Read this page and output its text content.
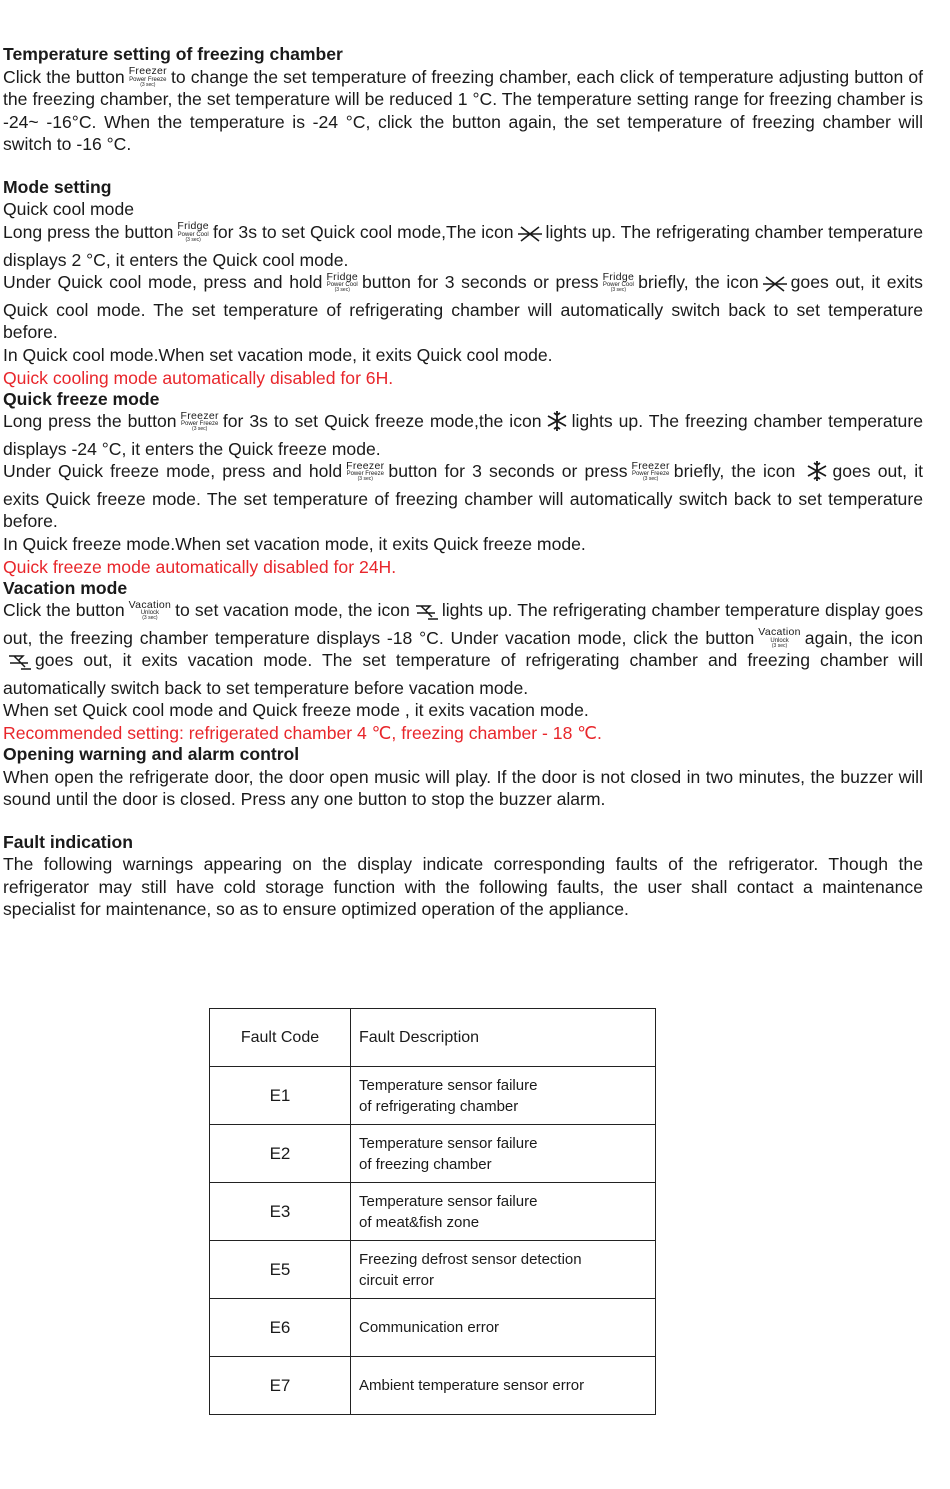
Temperature setting of freezing chamber

Click the button Freezer
Power Freeze
(3 sec) to change the set temperature of freezing chamber, each click of temperature adjusting button of the freezing chamber, the set temperature will be reduced 1 °C. The temperature setting range for freezing chamber is -24~ -16°C. When the temperature is -24 °C, click the button again, the set temperature of freezing chamber will switch to -16 °C.

Mode setting

Quick cool mode

Long press the button Fridge
Power Cool
(3 sec) for 3s to set Quick cool mode,The icon lights up. The refrigerating chamber temperature displays 2 °C, it enters the Quick cool mode.

Under Quick cool mode, press and hold Fridge
Power Cool
(3 sec) button for 3 seconds or press Fridge
Power Cool
(3 sec) briefly, the icon goes out, it exits Quick cool mode. The set temperature of refrigerating chamber will automatically switch back to set temperature before.

In Quick cool mode.When set vacation mode, it exits Quick cool mode.

Quick cooling mode automatically disabled for 6H.

Quick freeze mode

Long press the button Freezer
Power Freeze
(3 sec) for 3s to set Quick freeze mode,the icon lights up. The freezing chamber temperature displays -24 °C, it enters the Quick freeze mode.

Under Quick freeze mode, press and hold Freezer
Power Freeze
(3 sec) button for 3 seconds or press Freezer
Power Freeze
(3 sec) briefly, the icon goes out, it exits Quick freeze mode. The set temperature of freezing chamber will automatically switch back to set temperature before.

In Quick freeze mode.When set vacation mode, it exits Quick freeze mode.

Quick freeze mode automatically disabled for 24H.

Vacation mode

Click the button Vacation
Unlock
(3 sec)	to set vacation mode, the icon lights up. The refrigerating chamber temperature display goes out, the freezing chamber temperature displays -18 °C. Under vacation mode, click the button Vacation
Unlock
(3 sec)	again, the icongoes out, it exits vacation mode. The set temperature of refrigerating chamber and freezing chamber will automatically switch back to set temperature before vacation mode.

When set Quick cool mode and Quick freeze mode , it exits vacation mode.

Recommended setting: refrigerated chamber 4 ℃, freezing chamber - 18 ℃.

Opening warning and alarm control

When open the refrigerate door, the door open music will play. If the door is not closed in two minutes, the buzzer will sound until the door is closed. Press any one button to stop the buzzer alarm.

Fault indication

The following warnings appearing on the display indicate corresponding faults of the refrigerator. Though the refrigerator may still have cold storage function with the following faults, the user shall contact a maintenance specialist for maintenance, so as to ensure optimized operation of the appliance.

Fault Code	Fault Description
E1	Temperature sensor failure
of refrigerating chamber

E2	Temperature sensor failure
of freezing chamber

E3	Temperature sensor failure
of meat&fish zone

E5	Freezing defrost sensor detection
circuit error

E6	Communication error

E7	Ambient temperature sensor error
